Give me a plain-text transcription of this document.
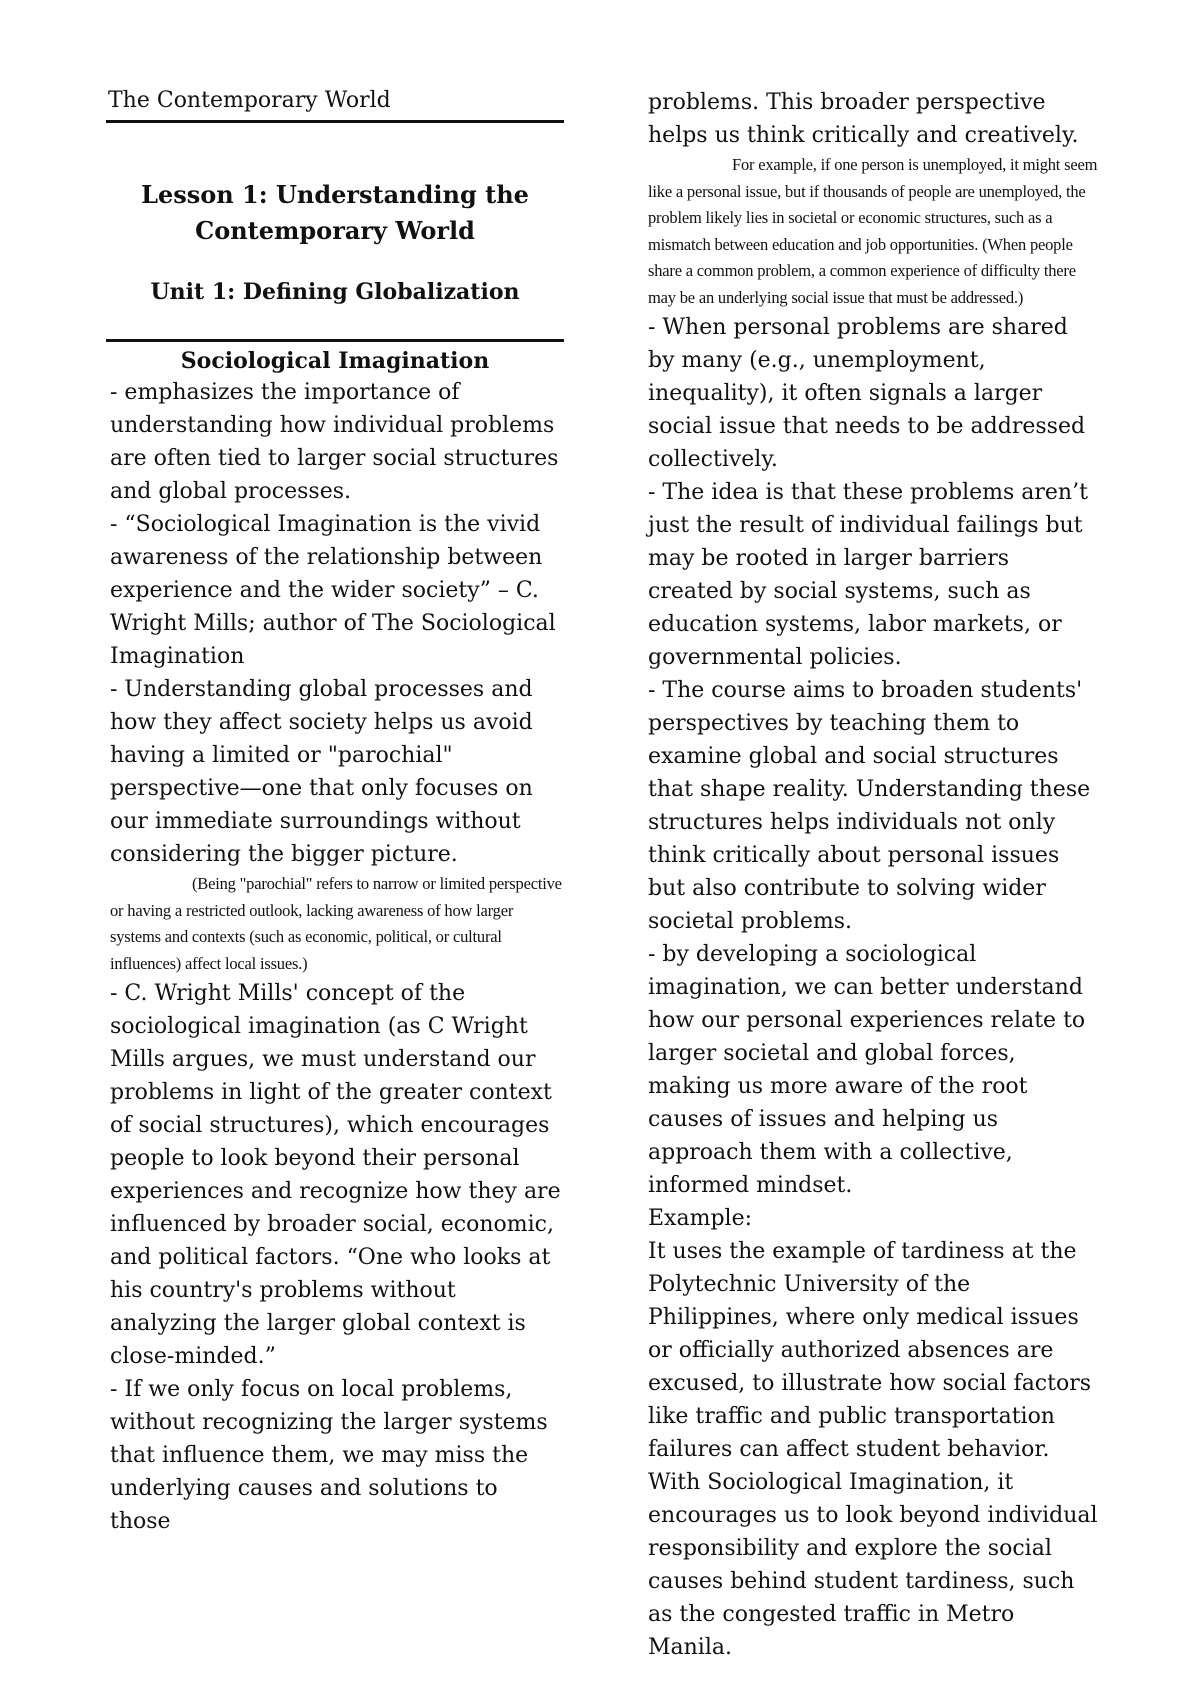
The Contemporary World
Lesson 1: Understanding the Contemporary World
Unit 1: Defining Globalization
Sociological Imagination

- emphasizes the importance of understanding how individual problems are often tied to larger social structures and global processes.

- “Sociological Imagination is the vivid awareness of the relationship between experience and the wider society” – C. Wright Mills; author of The Sociological Imagination

- Understanding global processes and how they affect society helps us avoid having a limited or "parochial" perspective—one that only focuses on our immediate surroundings without considering the bigger picture.

(Being "parochial" refers to narrow or limited perspective or having a restricted outlook, lacking awareness of how larger systems and contexts (such as economic, political, or cultural influences) affect local issues.)

- C. Wright Mills' concept of the sociological imagination (as C Wright Mills argues, we must understand our problems in light of the greater context of social structures), which encourages people to look beyond their personal experiences and recognize how they are influenced by broader social, economic, and political factors. “One who looks at his country's problems without analyzing the larger global context is close-minded.”

- If we only focus on local problems, without recognizing the larger systems that influence them, we may miss the underlying causes and solutions to those

problems. This broader perspective helps us think critically and creatively.

For example, if one person is unemployed, it might seem like a personal issue, but if thousands of people are unemployed, the problem likely lies in societal or economic structures, such as a mismatch between education and job opportunities. (When people share a common problem, a common experience of difficulty there may be an underlying social issue that must be addressed.)

- When personal problems are shared by many (e.g., unemployment, inequality), it often signals a larger social issue that needs to be addressed collectively.

- The idea is that these problems aren’t just the result of individual failings but may be rooted in larger barriers created by social systems, such as education systems, labor markets, or governmental policies.

- The course aims to broaden students' perspectives by teaching them to examine global and social structures that shape reality. Understanding these structures helps individuals not only think critically about personal issues but also contribute to solving wider societal problems.

- by developing a sociological imagination, we can better understand how our personal experiences relate to larger societal and global forces, making us more aware of the root causes of issues and helping us approach them with a collective, informed mindset.

Example:

It uses the example of tardiness at the Polytechnic University of the Philippines, where only medical issues or officially authorized absences are excused, to illustrate how social factors like traffic and public transportation failures can affect student behavior.

With Sociological Imagination, it encourages us to look beyond individual responsibility and explore the social causes behind student tardiness, such as the congested traffic in Metro Manila.
